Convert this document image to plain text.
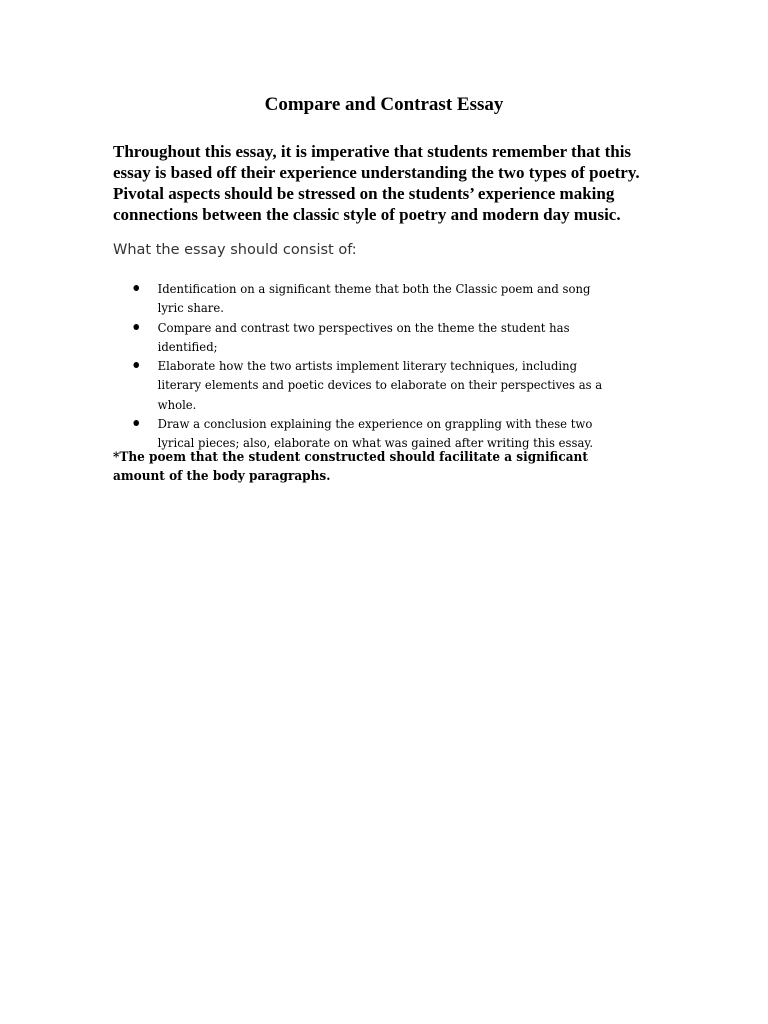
Compare and Contrast Essay

Throughout this essay, it is imperative that students remember that this essay is based off their experience understanding the two types of poetry. Pivotal aspects should be stressed on the students’ experience making connections between the classic style of poetry and modern day music.

What the essay should consist of:

Identification on a significant theme that both the Classic poem and song lyric share.
Compare and contrast two perspectives on the theme the student has identified;
Elaborate how the two artists implement literary techniques, including literary elements and poetic devices to elaborate on their perspectives as a whole.
Draw a conclusion explaining the experience on grappling with these two lyrical pieces; also, elaborate on what was gained after writing this essay.

*The poem that the student constructed should facilitate a significant amount of the body paragraphs.
